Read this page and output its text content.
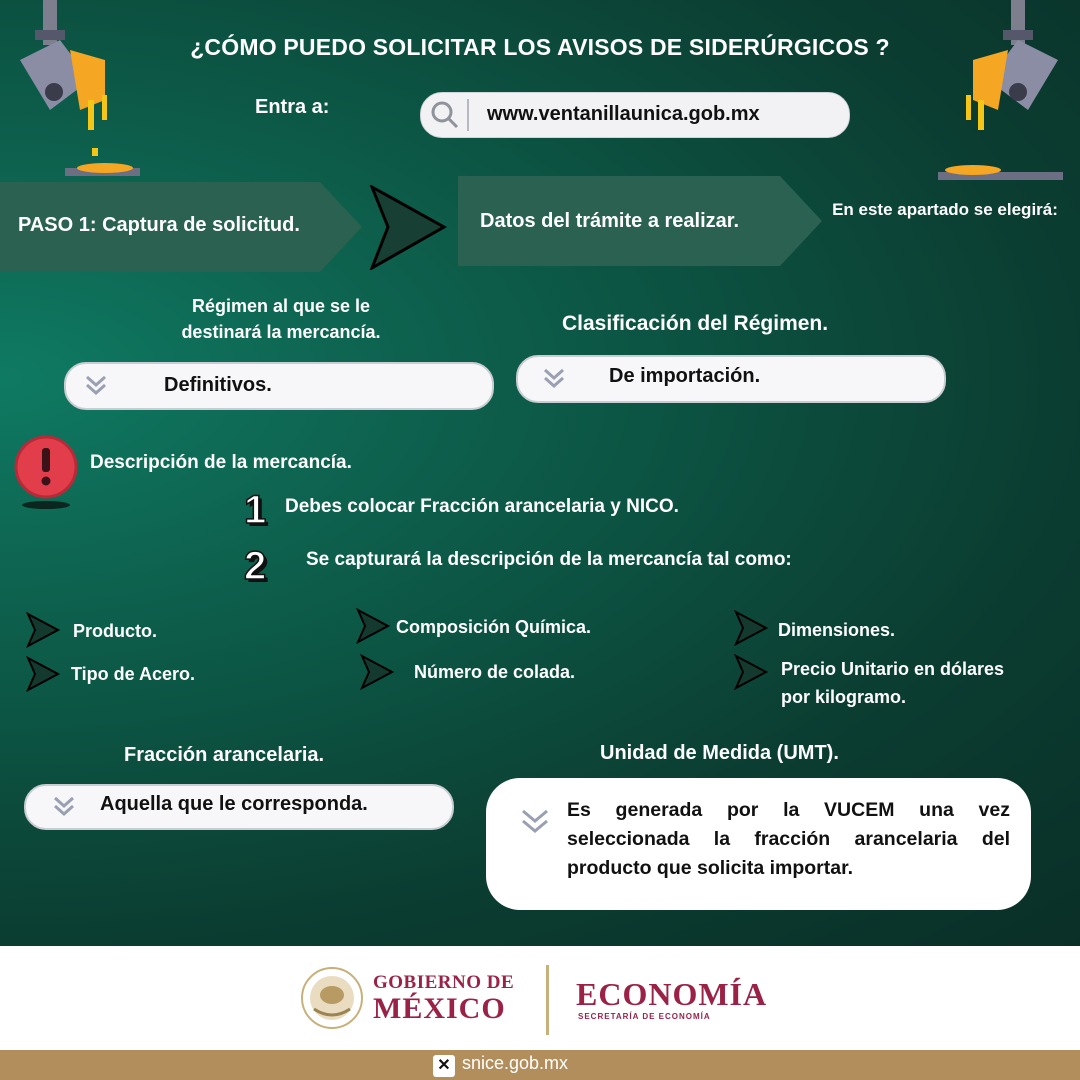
¿CÓMO PUEDO SOLICITAR LOS AVISOS DE SIDERÚRGICOS ?
Entra a:	www.ventanillaunica.gob.mx
PASO 1: Captura de solicitud.	Datos del trámite a realizar.
En este apartado se elegirá:
Régimen al que se le destinará la mercancía.	Clasificación del Régimen.
Definitivos.	De importación.
Descripción de la mercancía.
1 Debes colocar Fracción arancelaria y NICO.
2 Se capturará la descripción de la mercancía tal como:
Producto.
Tipo de Acero.
Composición Química.
Número de colada.
Dimensiones.
Precio Unitario en dólares por kilogramo.
Fracción arancelaria.
Aquella que le corresponda.
Unidad de Medida (UMT).
Es generada por la VUCEM una vez seleccionada la fracción arancelaria del producto que solicita importar.
GOBIERNO DE
MÉXICO ECONOMÍA
SECRETARÍA DE ECONOMÍA
snice.gob.mx
✕
